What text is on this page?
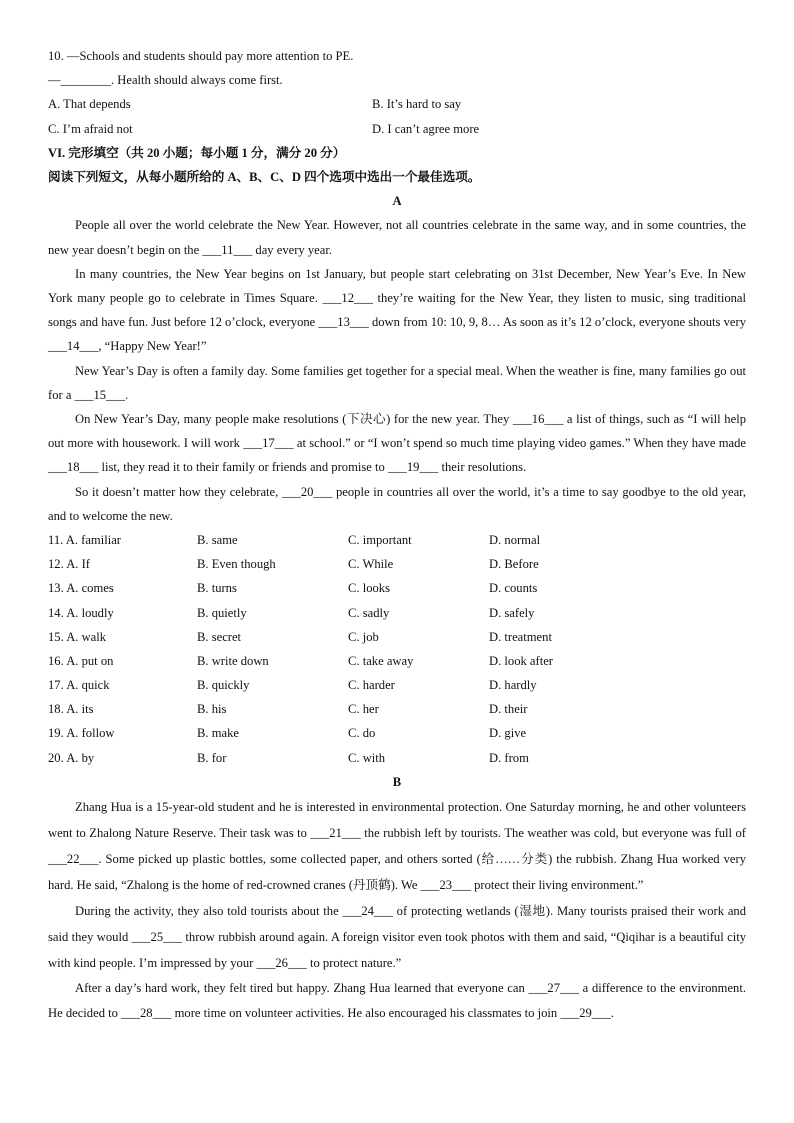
10. —Schools and students should pay more attention to PE.
—________. Health should always come first.
A. That depends	B. It’s hard to say
C. I’m afraid not	D. I can’t agree more
VI. 完形填空（共 20 小题；每小题 1 分，满分 20 分）
阅读下列短文，从每小题所给的 A、B、C、D 四个选项中选出一个最佳选项。
A

People all over the world celebrate the New Year. However, not all countries celebrate in the same way, and in some countries, the new year doesn’t begin on the ___11___ day every year.

In many countries, the New Year begins on 1st January, but people start celebrating on 31st December, New Year’s Eve. In New York many people go to celebrate in Times Square. ___12___ they’re waiting for the New Year, they listen to music, sing traditional songs and have fun. Just before 12 o’clock, everyone ___13___ down from 10: 10, 9, 8… As soon as it’s 12 o’clock, everyone shouts very ___14___, “Happy New Year!”

New Year’s Day is often a family day. Some families get together for a special meal. When the weather is fine, many families go out for a ___15___.

On New Year’s Day, many people make resolutions (下决心) for the new year. They ___16___ a list of things, such as “I will help out more with housework. I will work ___17___ at school.” or “I won’t spend so much time playing video games.” When they have made ___18___ list, they read it to their family or friends and promise to ___19___ their resolutions.

So it doesn’t matter how they celebrate, ___20___ people in countries all over the world, it’s a time to say goodbye to the old year, and to welcome the new.

11. A. familiar	B. same	C. important	D. normal
12. A. If	B. Even though	C. While	D. Before
13. A. comes	B. turns	C. looks	D. counts
14. A. loudly	B. quietly	C. sadly	D. safely
15. A. walk	B. secret	C. job	D. treatment
16. A. put on	B. write down	C. take away	D. look after
17. A. quick	B. quickly	C. harder	D. hardly
18. A. its	B. his	C. her	D. their
19. A. follow	B. make	C. do	D. give
20. A. by	B. for	C. with	D. from
B

Zhang Hua is a 15-year-old student and he is interested in environmental protection. One Saturday morning, he and other volunteers went to Zhalong Nature Reserve. Their task was to ___21___ the rubbish left by tourists. The weather was cold, but everyone was full of ___22___. Some picked up plastic bottles, some collected paper, and others sorted (给……分类) the rubbish. Zhang Hua worked very hard. He said, “Zhalong is the home of red-crowned cranes (丹顶鹤). We ___23___ protect their living environment.”

During the activity, they also told tourists about the ___24___ of protecting wetlands (湿地). Many tourists praised their work and said they would ___25___ throw rubbish around again. A foreign visitor even took photos with them and said, “Qiqihar is a beautiful city with kind people. I’m impressed by your ___26___ to protect nature.”

After a day’s hard work, they felt tired but happy. Zhang Hua learned that everyone can ___27___ a difference to the environment. He decided to ___28___ more time on volunteer activities. He also encouraged his classmates to join ___29___.
